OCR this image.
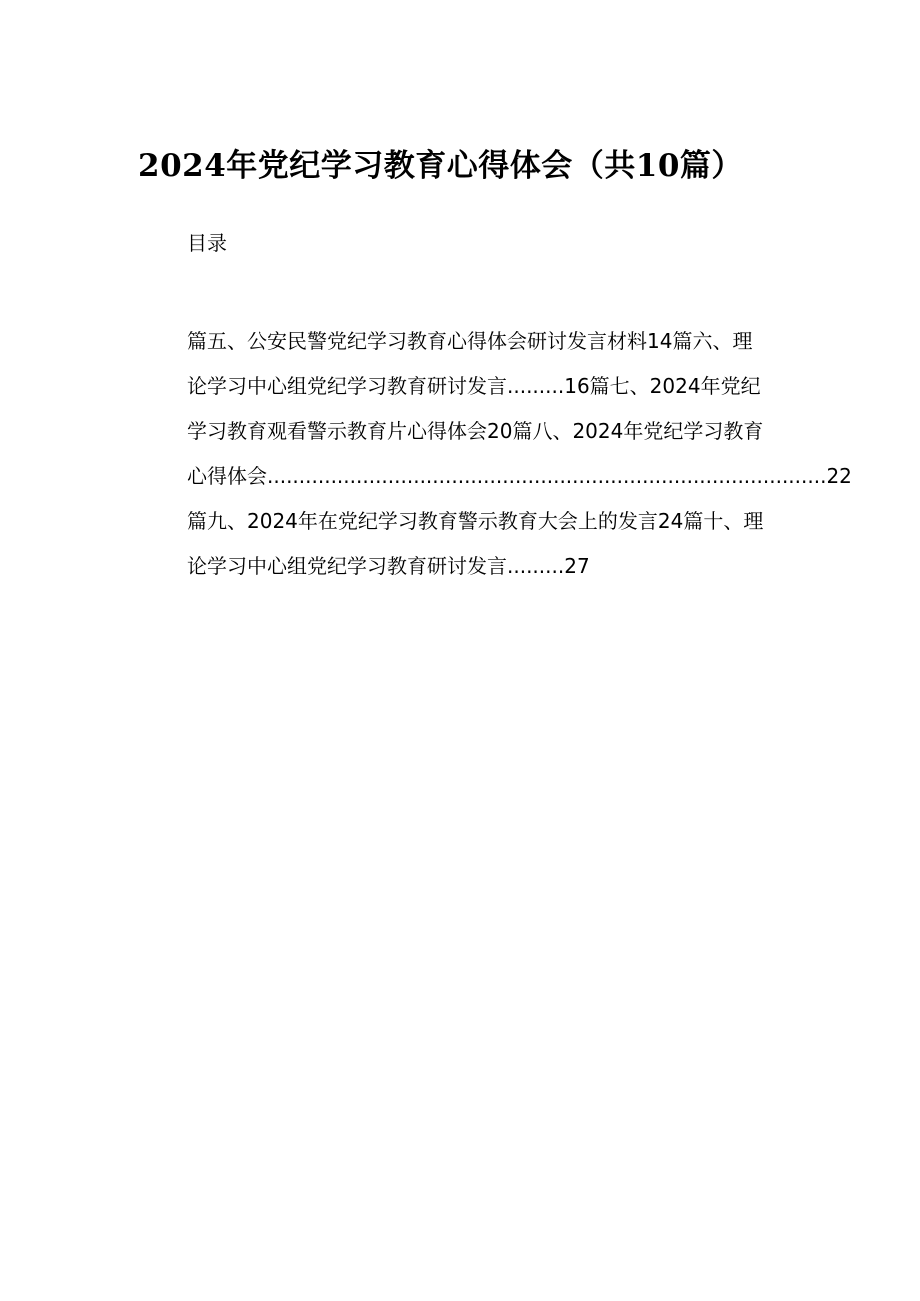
2024年党纪学习教育心得体会（共10篇）
目录
篇五、公安民警党纪学习教育心得体会研讨发言材料14篇六、理
论学习中心组党纪学习教育研讨发言.........16篇七、2024年党纪
学习教育观看警示教育片心得体会20篇八、2024年党纪学习教育
心得体会........................................................................................22
篇九、2024年在党纪学习教育警示教育大会上的发言24篇十、理
论学习中心组党纪学习教育研讨发言.........27
